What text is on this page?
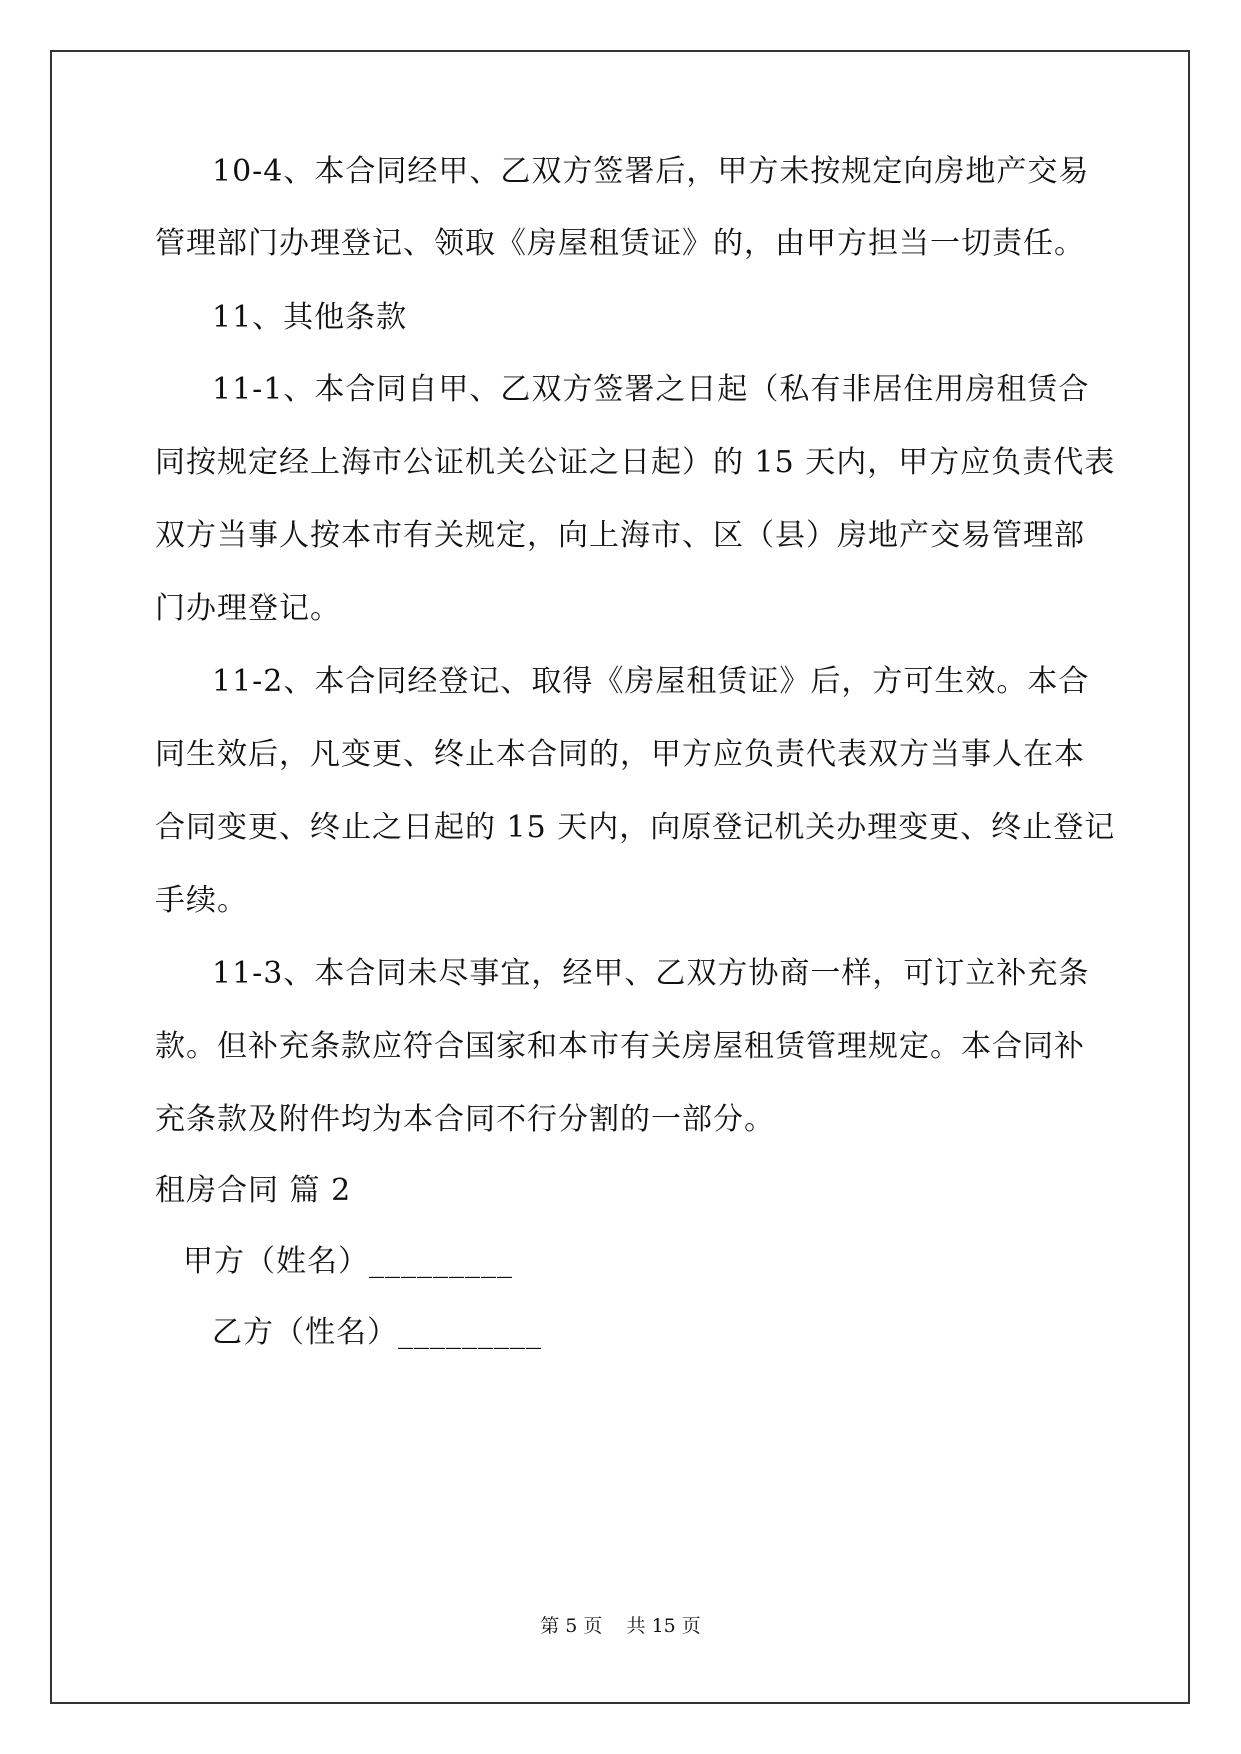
10-4、本合同经甲、乙双方签署后，甲方未按规定向房地产交易
管理部门办理登记、领取《房屋租赁证》的，由甲方担当一切责任。
11、其他条款
11-1、本合同自甲、乙双方签署之日起（私有非居住用房租赁合
同按规定经上海市公证机关公证之日起）的 15 天内，甲方应负责代表
双方当事人按本市有关规定，向上海市、区（县）房地产交易管理部
门办理登记。
11-2、本合同经登记、取得《房屋租赁证》后，方可生效。本合
同生效后，凡变更、终止本合同的，甲方应负责代表双方当事人在本
合同变更、终止之日起的 15 天内，向原登记机关办理变更、终止登记
手续。
11-3、本合同未尽事宜，经甲、乙双方协商一样，可订立补充条
款。但补充条款应符合国家和本市有关房屋租赁管理规定。本合同补
充条款及附件均为本合同不行分割的一部分。
租房合同 篇 2
甲方（姓名）_________
乙方（性名）_________
第 5 页    共 15 页
